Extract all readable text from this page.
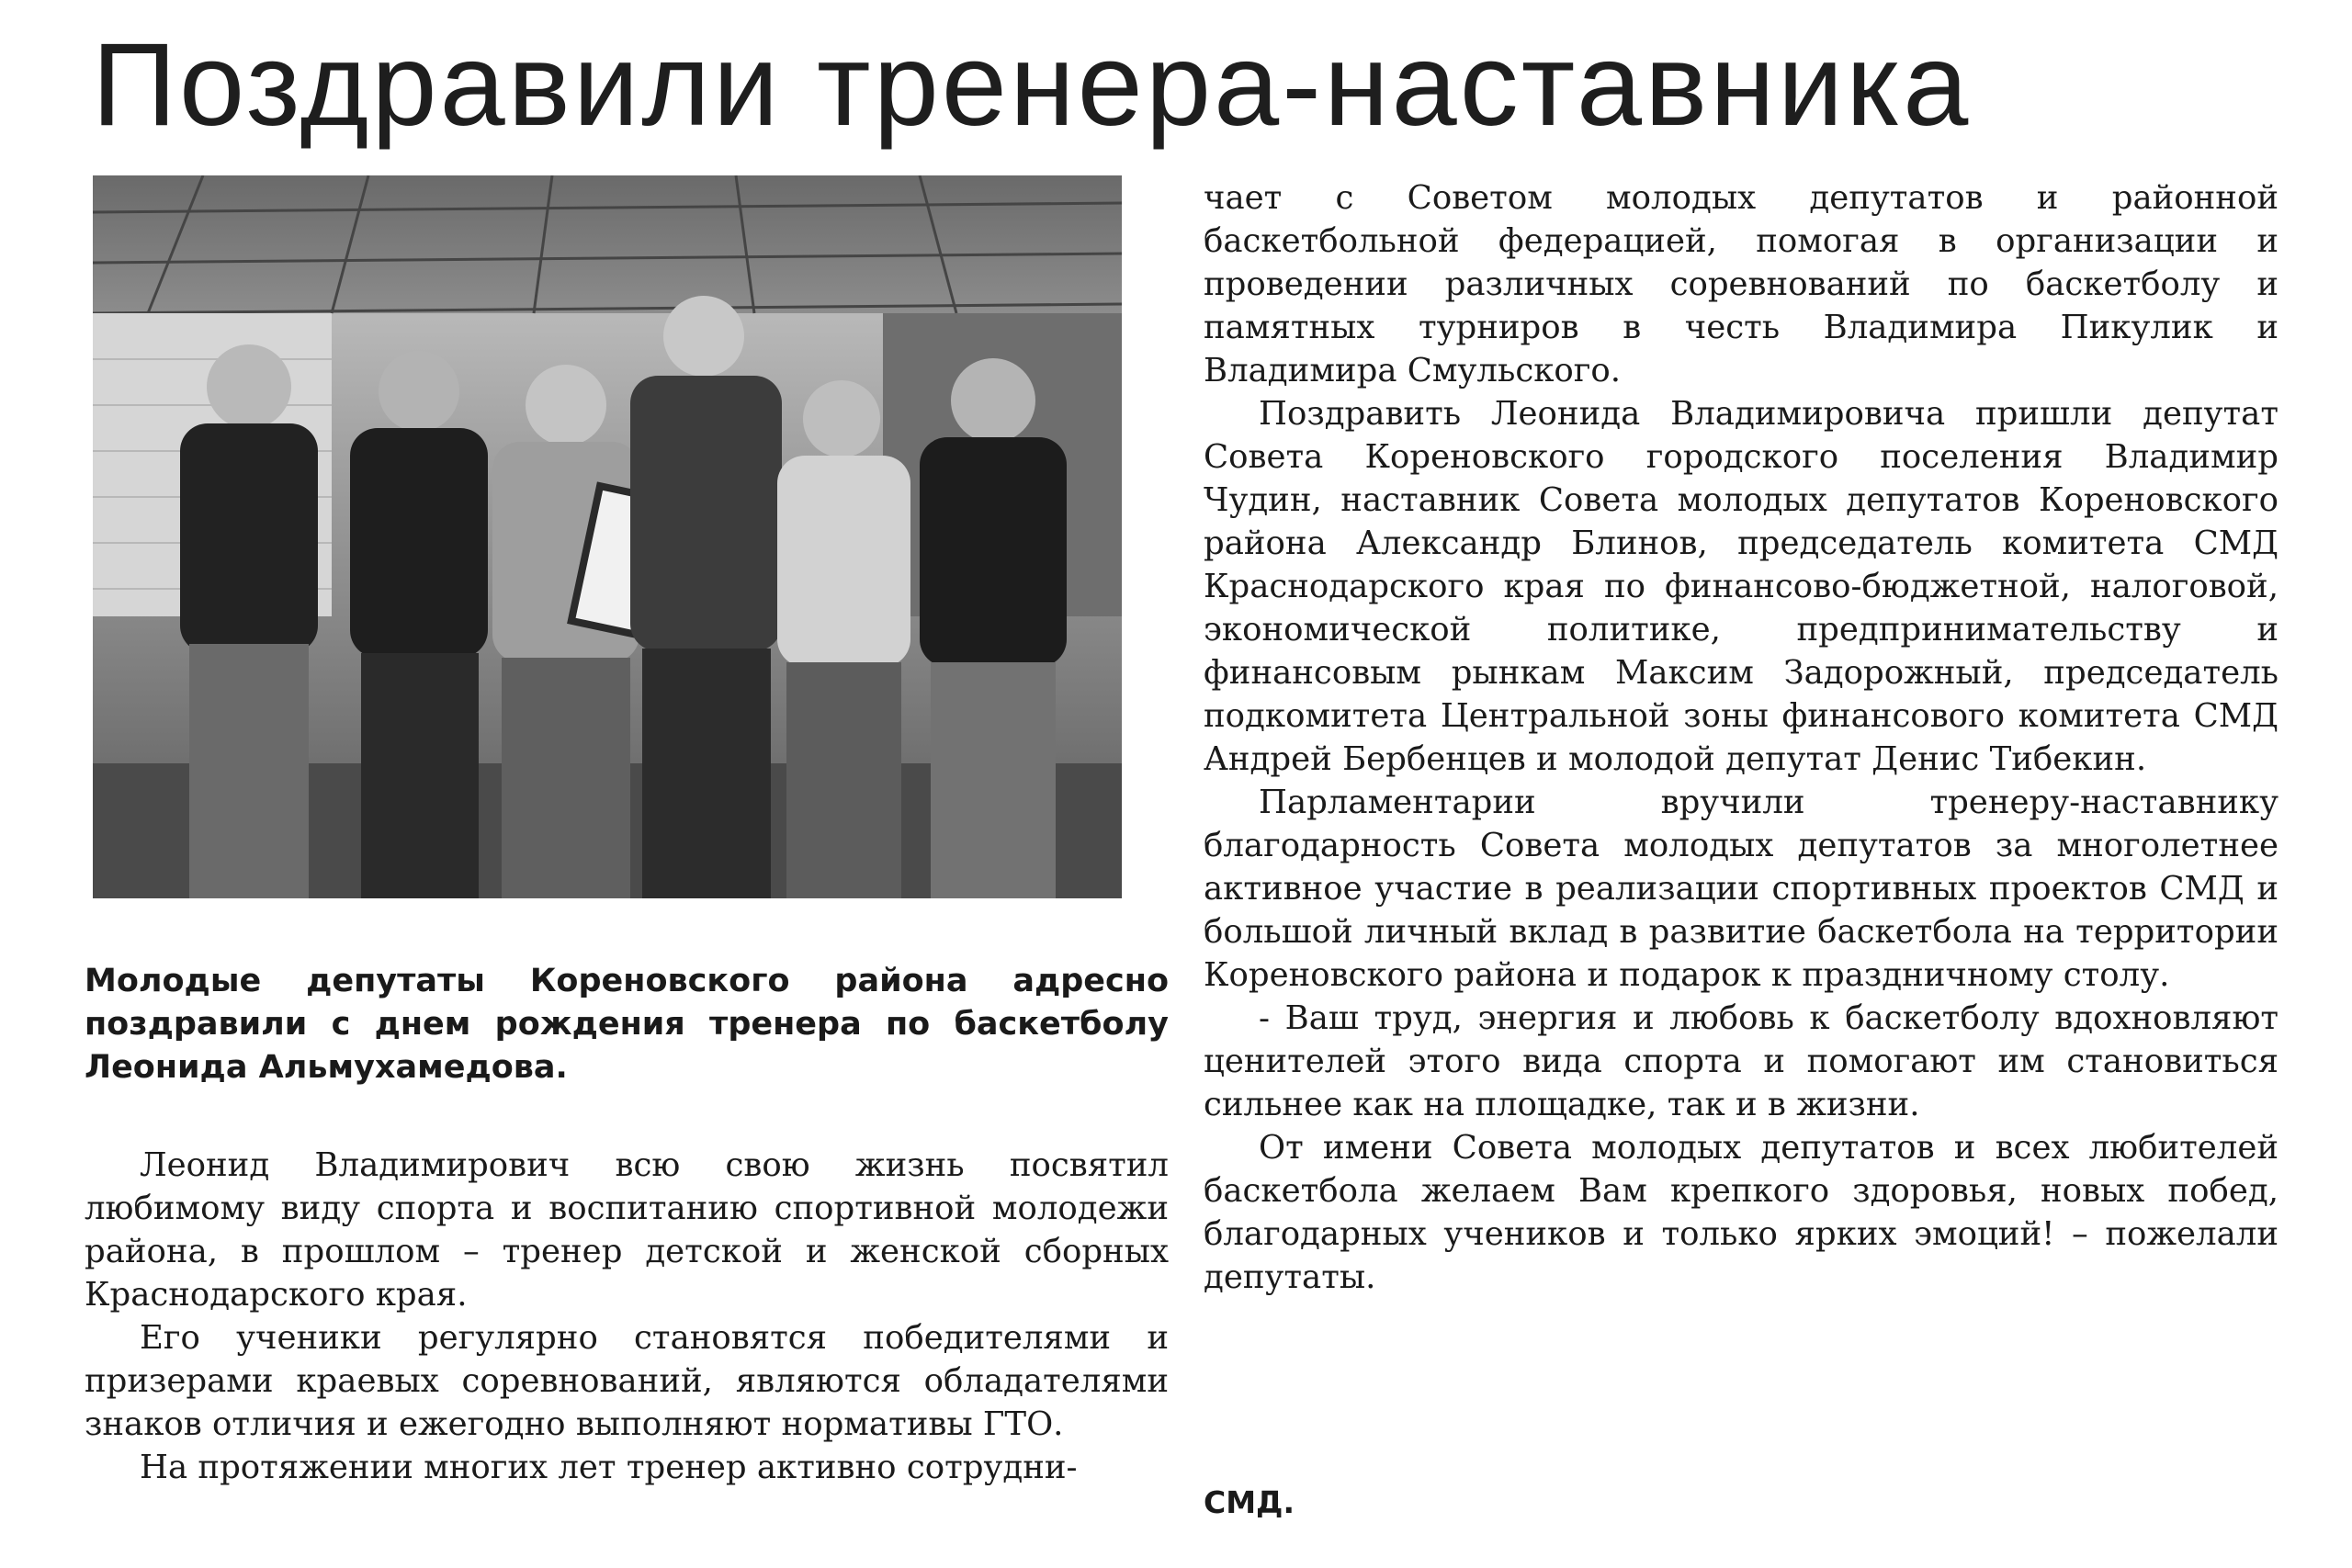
Поздравили тренера-наставника

Молодые депутаты Кореновского района адресно поздравили с днем рождения тренера по баскетболу Леонида Альмухамедова.

Леонид Владимирович всю свою жизнь посвятил любимому виду спорта и воспитанию спортивной молодежи района, в прошлом – тренер детской и женской сборных Краснодарского края.

Его ученики регулярно становятся победителями и призерами краевых соревнований, являются обладателями знаков отличия и ежегодно выполняют нормативы ГТО.

На протяжении многих лет тренер активно сотрудни-

чает с Советом молодых депутатов и районной баскетбольной федерацией, помогая в организации и проведении различных соревнований по баскетболу и памятных турниров в честь Владимира Пикулик и Владимира Смульского.

Поздравить Леонида Владимировича пришли депутат Совета Кореновского городского поселения Владимир Чудин, наставник Совета молодых депутатов Кореновского района Александр Блинов, председатель комитета СМД Краснодарского края по финансово-бюджетной, налоговой, экономической политике, предпринимательству и финансовым рынкам Максим Задорожный, председатель подкомитета Центральной зоны финансового комитета СМД Андрей Бербенцев и молодой депутат Денис Тибекин.

Парламентарии вручили тренеру-наставнику благодарность Совета молодых депутатов за многолетнее активное участие в реализации спортивных проектов СМД и большой личный вклад в развитие баскетбола на территории Кореновского района и подарок к праздничному столу.

- Ваш труд, энергия и любовь к баскетболу вдохновляют ценителей этого вида спорта и помогают им становиться сильнее как на площадке, так и в жизни.

От имени Совета молодых депутатов и всех любителей баскетбола желаем Вам крепкого здоровья, новых побед, благодарных учеников и только ярких эмоций! – пожелали депутаты.

СМД.
